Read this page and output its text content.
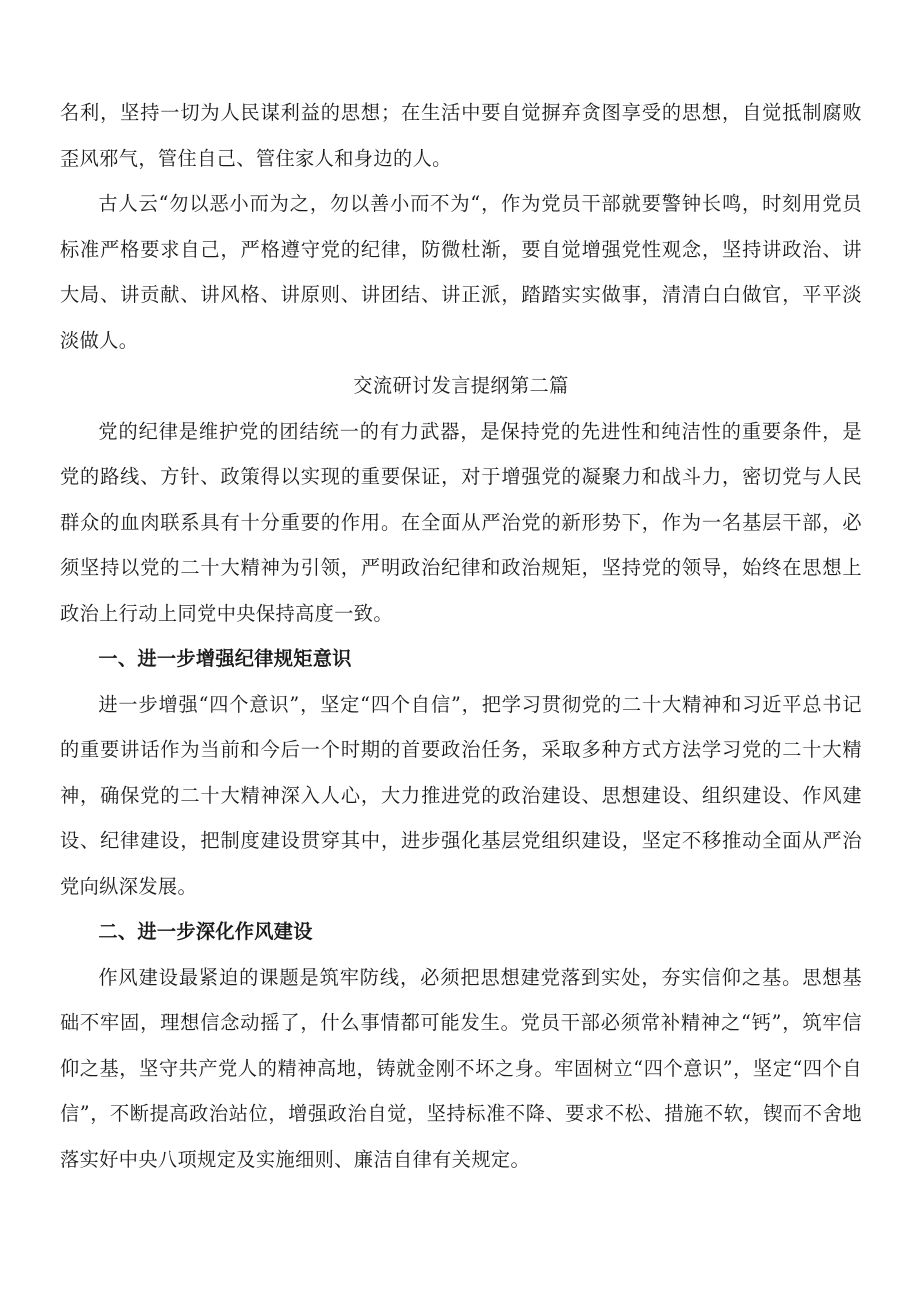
名利，坚持一切为人民谋利益的思想；在生活中要自觉摒弃贪图享受的思想，自觉抵制腐败歪风邪气，管住自己、管住家人和身边的人。

古人云“勿以恶小而为之，勿以善小而不为“，作为党员干部就要警钟长鸣，时刻用党员标准严格要求自己，严格遵守党的纪律，防微杜渐，要自觉增强党性观念，坚持讲政治、讲大局、讲贡献、讲风格、讲原则、讲团结、讲正派，踏踏实实做事，清清白白做官，平平淡淡做人。

交流研讨发言提纲第二篇

党的纪律是维护党的团结统一的有力武器，是保持党的先进性和纯洁性的重要条件，是党的路线、方针、政策得以实现的重要保证，对于增强党的凝聚力和战斗力，密切党与人民群众的血肉联系具有十分重要的作用。在全面从严治党的新形势下，作为一名基层干部，必须坚持以党的二十大精神为引领，严明政治纪律和政治规矩，坚持党的领导，始终在思想上政治上行动上同党中央保持高度一致。

一、进一步增强纪律规矩意识

进一步增强“四个意识”，坚定“四个自信”，把学习贯彻党的二十大精神和习近平总书记的重要讲话作为当前和今后一个时期的首要政治任务，采取多种方式方法学习党的二十大精神，确保党的二十大精神深入人心，大力推进党的政治建设、思想建设、组织建设、作风建设、纪律建设，把制度建设贯穿其中，进步强化基层党组织建设，坚定不移推动全面从严治党向纵深发展。

二、进一步深化作风建设

作风建设最紧迫的课题是筑牢防线，必须把思想建党落到实处，夯实信仰之基。思想基础不牢固，理想信念动摇了，什么事情都可能发生。党员干部必须常补精神之“钙”，筑牢信仰之基，坚守共产党人的精神高地，铸就金刚不坏之身。牢固树立“四个意识”，坚定“四个自信”，不断提高政治站位，增强政治自觉，坚持标准不降、要求不松、措施不软，锲而不舍地落实好中央八项规定及实施细则、廉洁自律有关规定。
